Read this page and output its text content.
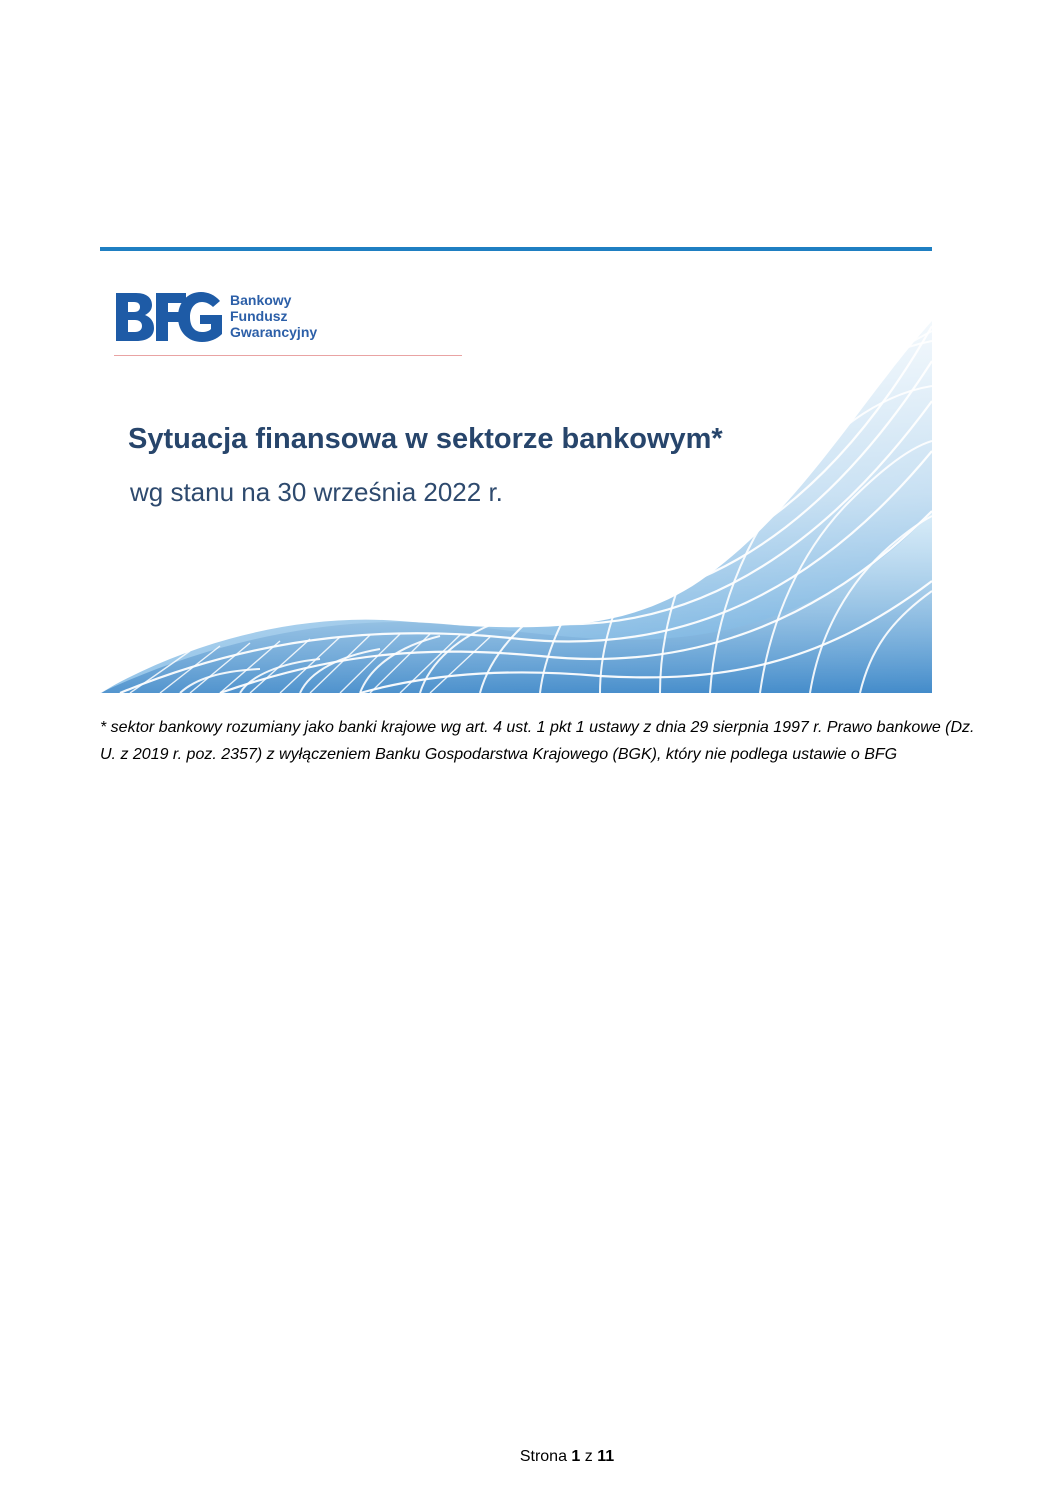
Bankowy
Fundusz
Gwarancyjny
Sytuacja finansowa w sektorze bankowym*
wg stanu na 30 września 2022 r.
* sektor bankowy rozumiany jako banki krajowe wg art. 4 ust. 1 pkt 1 ustawy z dnia 29 sierpnia 1997 r. Prawo bankowe (Dz. U. z 2019 r. poz. 2357) z wyłączeniem Banku Gospodarstwa Krajowego (BGK), który nie podlega ustawie o BFG
Strona 1 z 11
